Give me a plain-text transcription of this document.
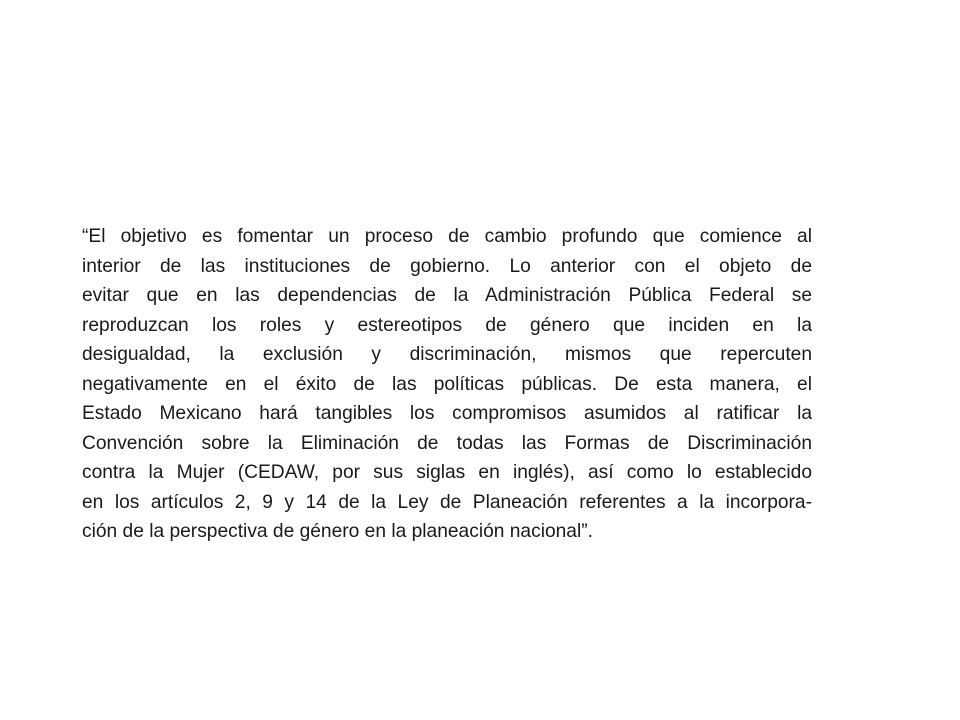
“El objetivo es fomentar un proceso de cambio profundo que comience al
interior de las instituciones de gobierno. Lo anterior con el objeto de
evitar que en las dependencias de la Administración Pública Federal se
reproduzcan los roles y estereotipos de género que inciden en la
desigualdad, la exclusión y discriminación, mismos que repercuten
negativamente en el éxito de las políticas públicas. De esta manera, el
Estado Mexicano hará tangibles los compromisos asumidos al ratificar la
Convención sobre la Eliminación de todas las Formas de Discriminación
contra la Mujer (CEDAW, por sus siglas en inglés), así como lo establecido
en los artículos 2, 9 y 14 de la Ley de Planeación referentes a la incorpora-
ción de la perspectiva de género en la planeación nacional”.
